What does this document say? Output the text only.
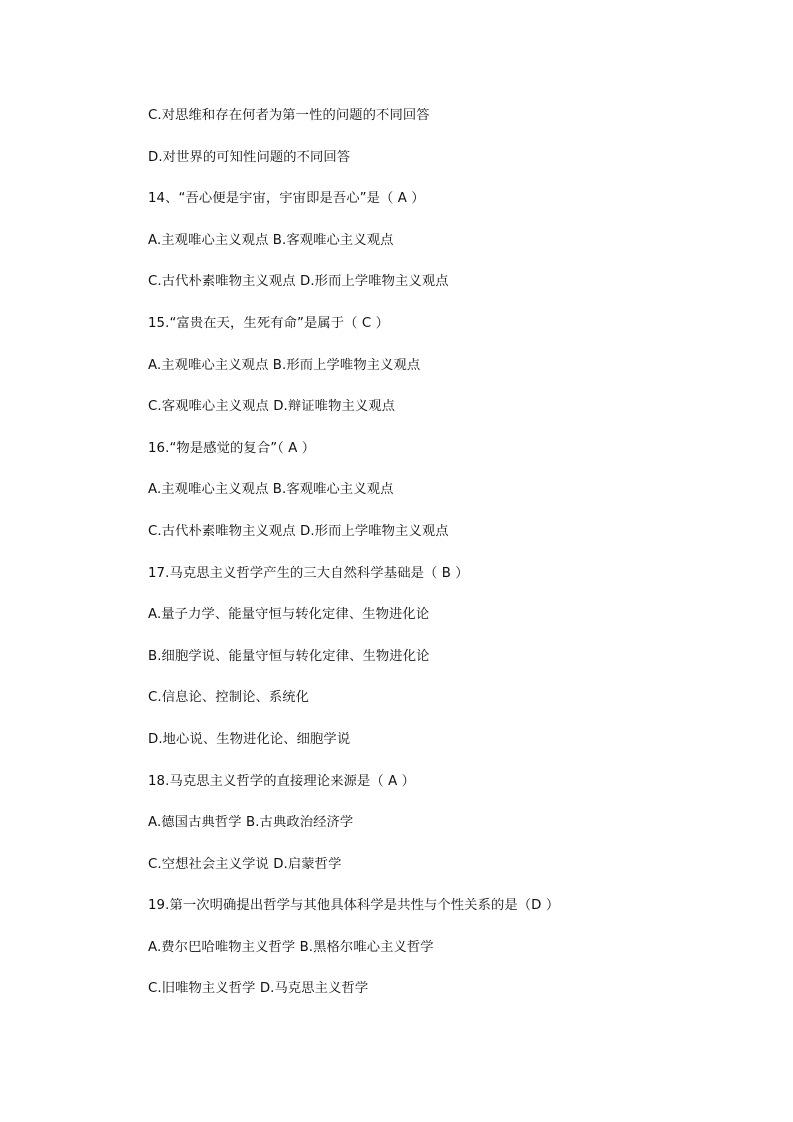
C.对思维和存在何者为第一性的问题的不同回答
D.对世界的可知性问题的不同回答
14、“吾心便是宇宙，宇宙即是吾心”是（ A ）
A.主观唯心主义观点 B.客观唯心主义观点
C.古代朴素唯物主义观点 D.形而上学唯物主义观点
15.“富贵在天，生死有命”是属于（ C ）
A.主观唯心主义观点 B.形而上学唯物主义观点
C.客观唯心主义观点 D.辩证唯物主义观点
16.“物是感觉的复合”（ A ）
A.主观唯心主义观点 B.客观唯心主义观点
C.古代朴素唯物主义观点 D.形而上学唯物主义观点
17.马克思主义哲学产生的三大自然科学基础是（ B ）
A.量子力学、能量守恒与转化定律、生物进化论
B.细胞学说、能量守恒与转化定律、生物进化论
C.信息论、控制论、系统化
D.地心说、生物进化论、细胞学说
18.马克思主义哲学的直接理论来源是（ A ）
A.德国古典哲学 B.古典政治经济学
C.空想社会主义学说 D.启蒙哲学
19.第一次明确提出哲学与其他具体科学是共性与个性关系的是（D ）
A.费尔巴哈唯物主义哲学 B.黑格尔唯心主义哲学
C.旧唯物主义哲学 D.马克思主义哲学
